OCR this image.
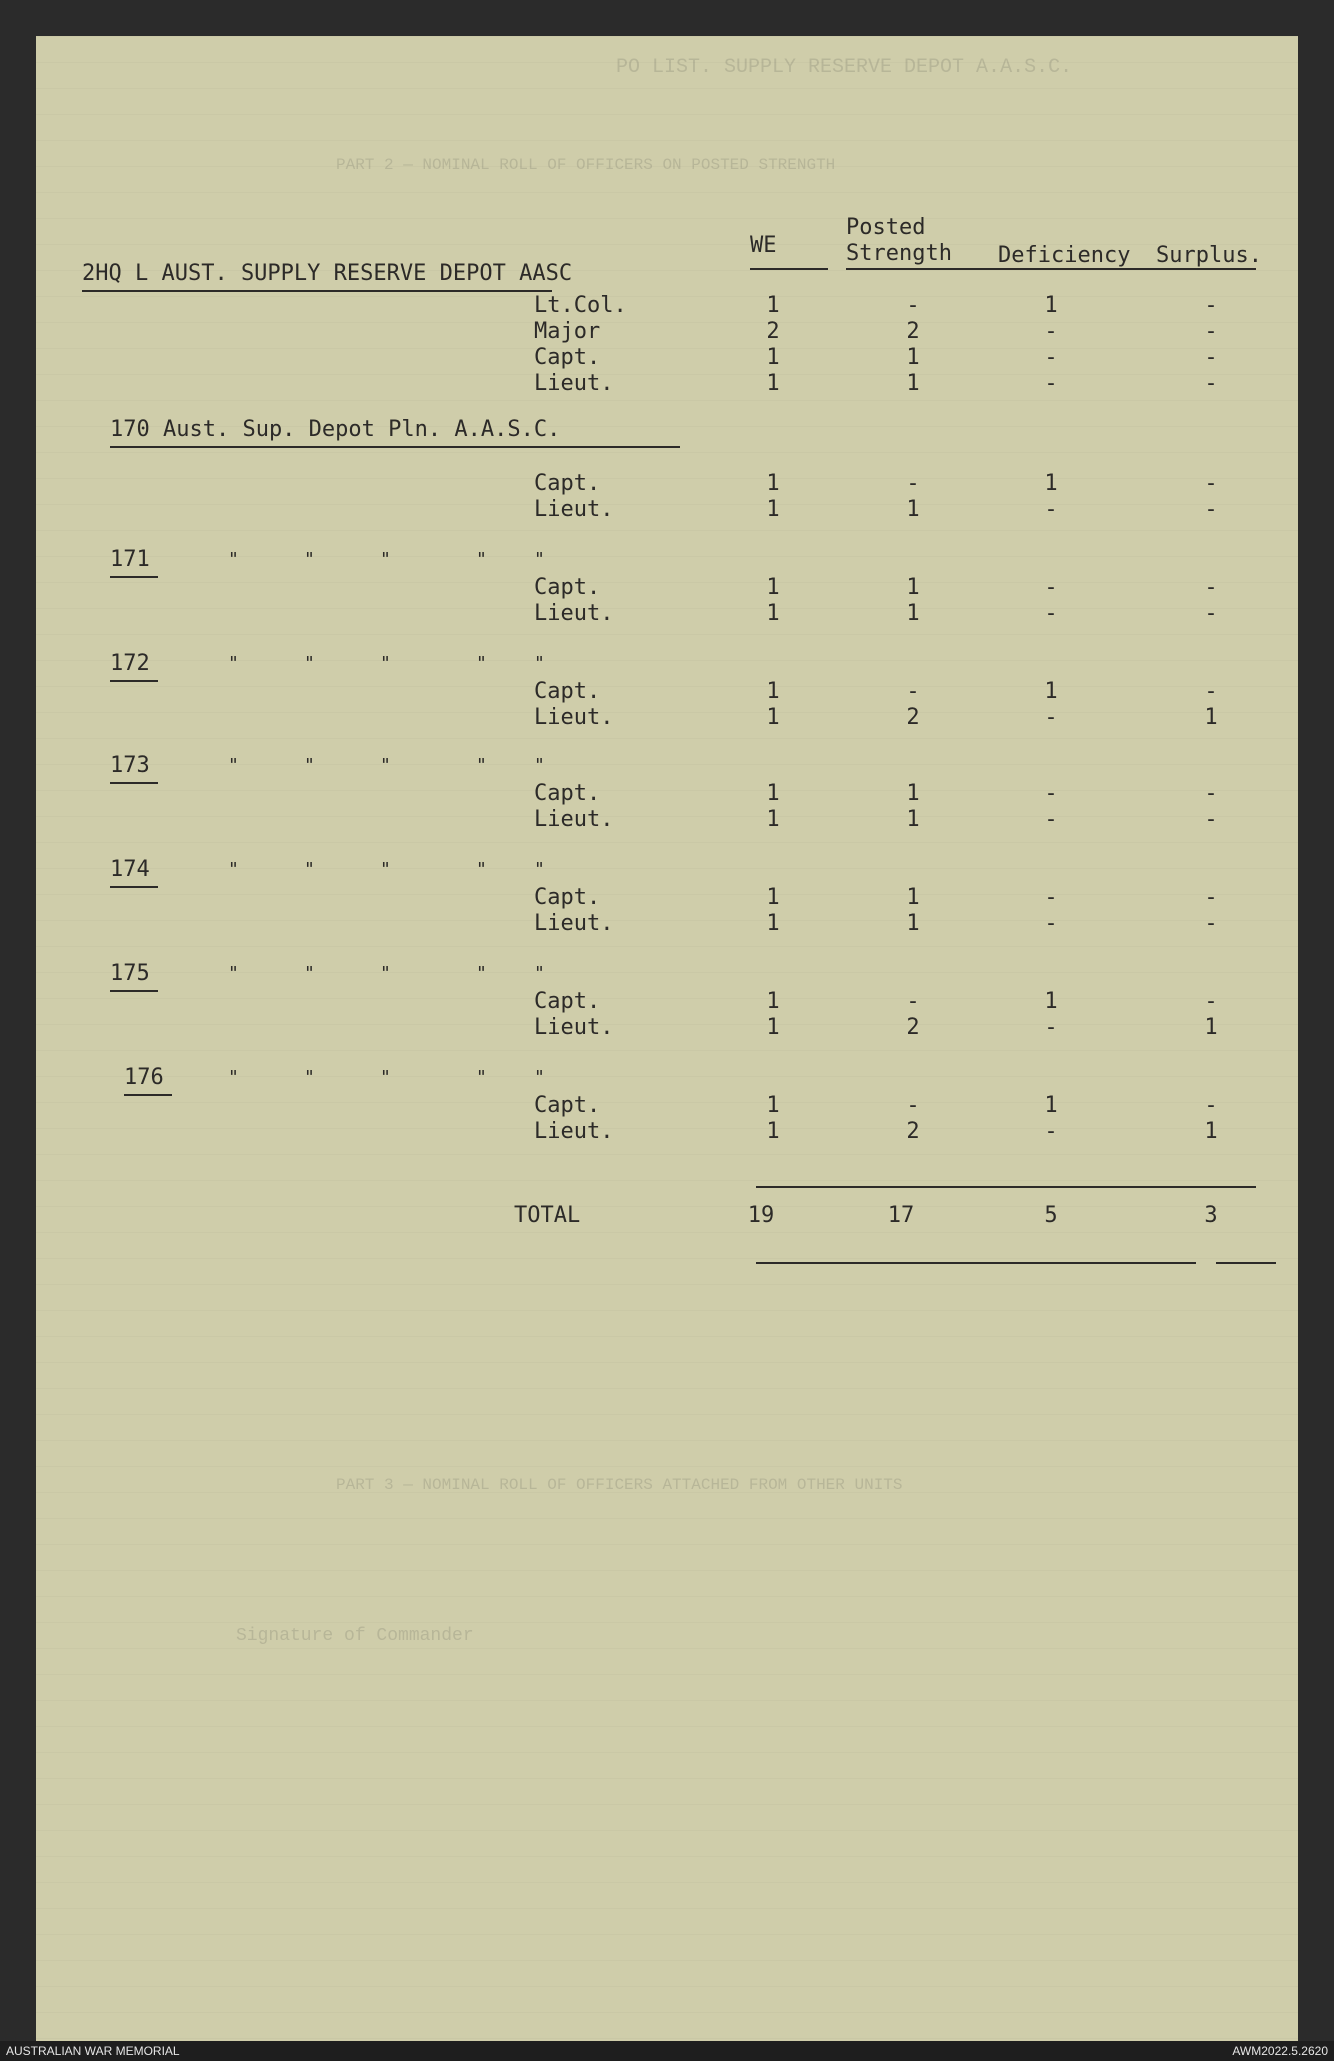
PO LIST. SUPPLY RESERVE DEPOT A.A.S.C.
PART 2 — NOMINAL ROLL OF OFFICERS ON POSTED STRENGTH
PART 3 — NOMINAL ROLL OF OFFICERS ATTACHED FROM OTHER UNITS
Signature of Commander
WE
Posted
Strength Deficiency Surplus.
2HQ L AUST. SUPPLY RESERVE DEPOT AASC
Lt.Col.	1	-	1	-
Major	2	2	-	-
Capt.	1	1	-	-
Lieut.	1	1	-	-
170 Aust. Sup. Depot Pln. A.A.S.C.
Capt.	1	-	1	-
Lieut.	1	1	-	-
171	"	"	"	"	"
Capt.	1	1	-	-
Lieut.	1	1	-	-
172	"	"	"	"	"
Capt.	1	-	1	-
Lieut.	1	2	-	1
173	"	"	"	"	"
Capt.	1	1	-	-
Lieut.	1	1	-	-
174	"	"	"	"	"
Capt.	1	1	-	-
Lieut.	1	1	-	-
175	"	"	"	"	"
Capt.	1	-	1	-
Lieut.	1	2	-	1
176	"	"	"	"	"
Capt.	1	-	1	-
Lieut.	1	2	-	1
TOTAL	19	17	5	3
AUSTRALIAN WAR MEMORIAL	AWM2022.5.2620
